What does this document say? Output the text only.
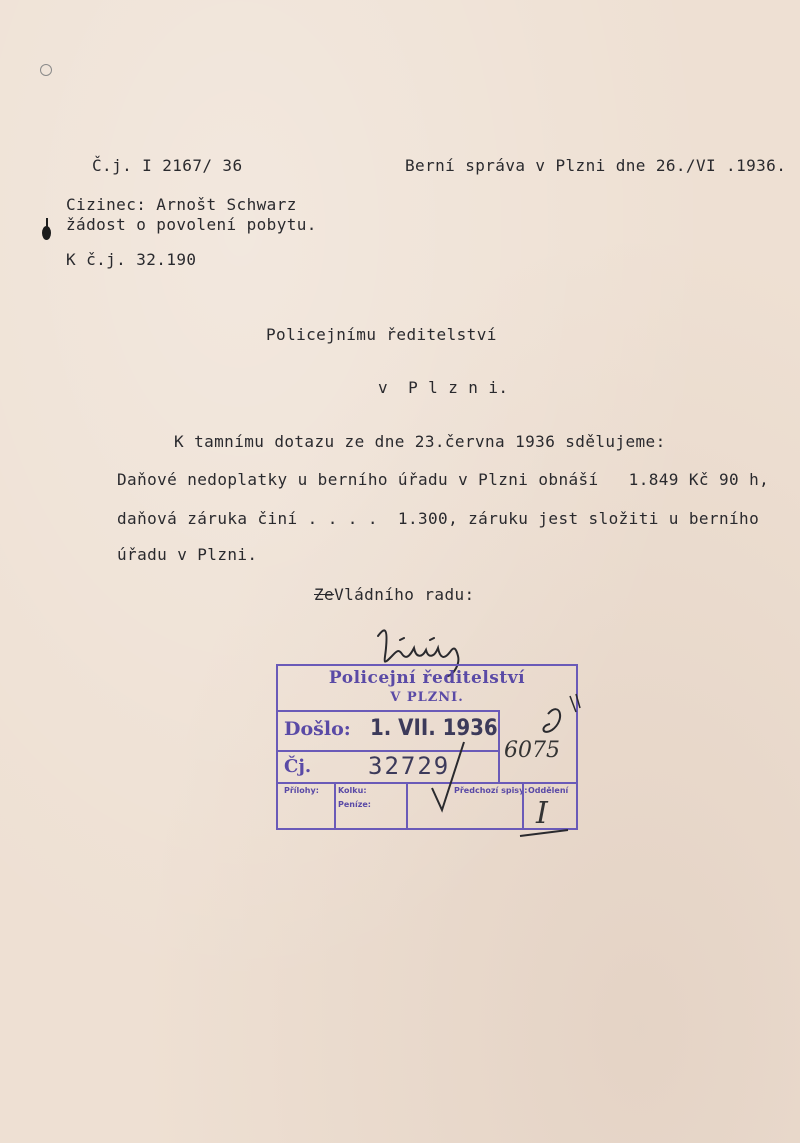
Č.j. I 2167/ 36	Berní správa v Plzni dne 26./VI .1936.
Cizinec: Arnošt Schwarz
žádost o povolení pobytu.
K č.j. 32.190
Policejnímu ředitelství
v  P l z n i.
K tamnímu dotazu ze dne 23.června 1936 sdělujeme:
Daňové nedoplatky u berního úřadu v Plzni obnáší   1.849 Kč 90 h,
daňová záruka činí . . . .  1.300, záruku jest složiti u berního
úřadu v Plzni.
ZeVládního radu:
Policejní ředitelství
V PLZNI.
Došlo: 1. VII. 1936
Čj. 32729
Přílohy: Kolku:
Peníze:
Předchozí spisy: Oddělení
6075
I
